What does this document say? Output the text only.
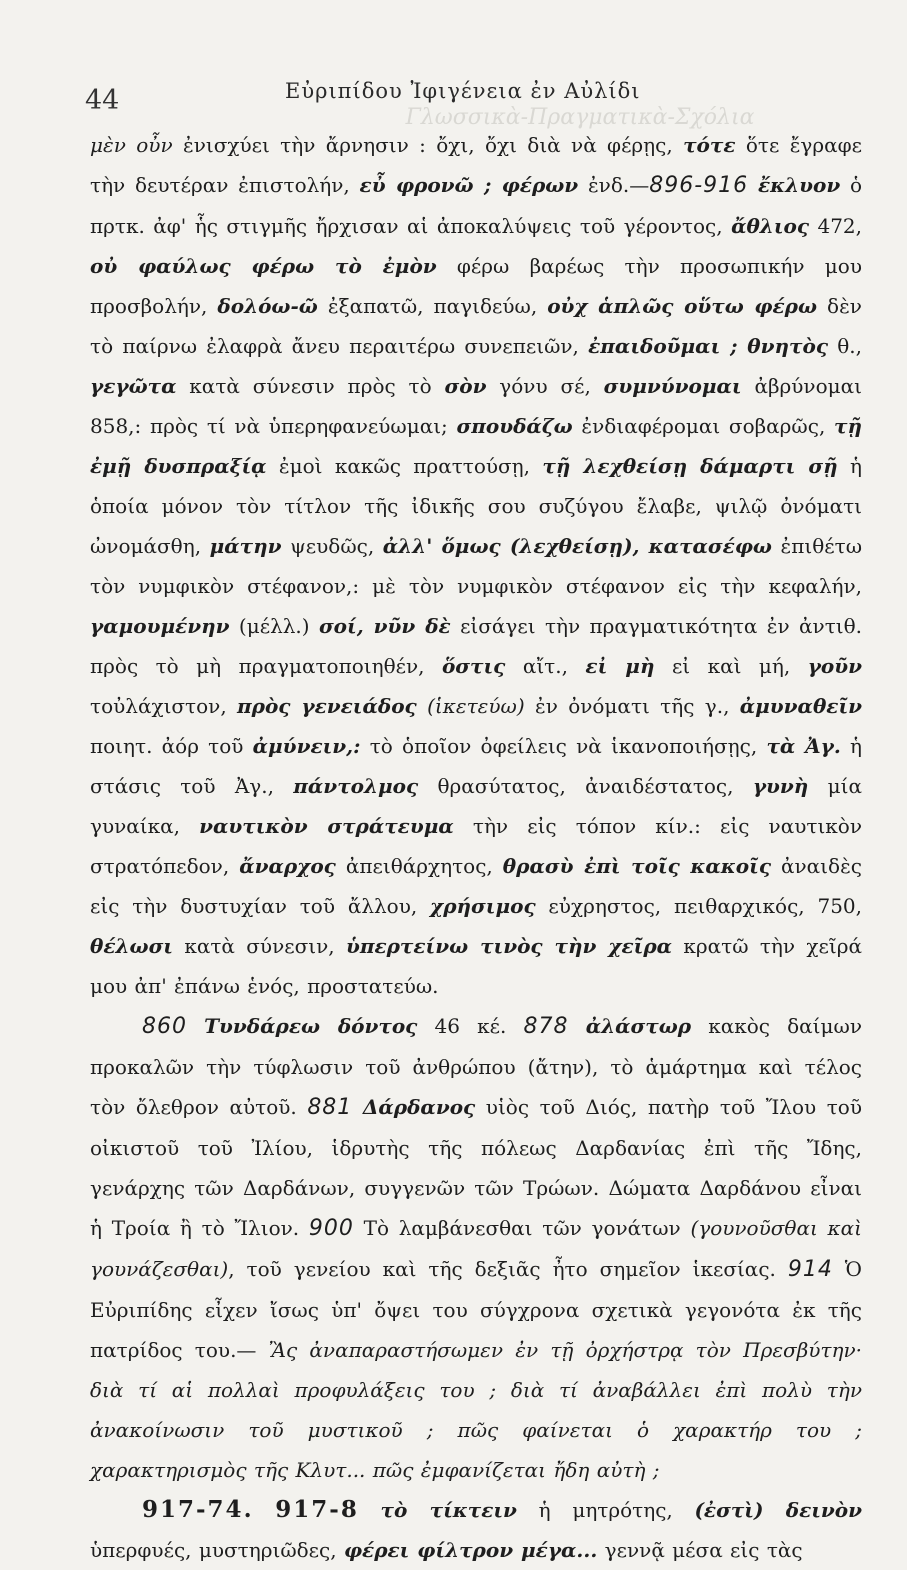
Γλωσσικὰ-Πραγματικὰ-Σχόλια
44	Εὐριπίδου Ἰφιγένεια ἐν Αὐλίδι

μὲν οὖν ἐνισχύει τὴν ἄρνησιν : ὄχι, ὄχι διὰ νὰ φέρῃς, τότε ὅτε ἔγραφε τὴν δευτέραν ἐπιστολήν, εὖ φρονῶ ; φέρων ἐνδ.—896-916 ἔκλυον ὁ πρτκ. ἀφ' ἧς στιγμῆς ἤρχισαν αἱ ἀποκαλύψεις τοῦ γέροντος, ἄθλιος 472, οὐ φαύλως φέρω τὸ ἐμὸν φέρω βαρέως τὴν προσωπικήν μου προσβολήν, δολόω-ῶ ἐξαπατῶ, παγιδεύω, οὐχ ἁπλῶς οὕτω φέρω δὲν τὸ παίρνω ἐλαφρὰ ἄνευ περαιτέρω συνεπειῶν, ἐπαιδοῦμαι ; θνητὸς θ., γεγῶτα κατὰ σύνεσιν πρὸς τὸ σὸν γόνυ σέ, συμνύνομαι ἀβρύνομαι 858,: πρὸς τί νὰ ὑπερηφανεύωμαι; σπουδάζω ἐνδιαφέρομαι σοβαρῶς, τῇ ἐμῇ δυσπραξίᾳ ἐμοὶ κακῶς πραττούσῃ, τῇ λεχθείσῃ δάμαρτι σῇ ἡ ὁποία μόνον τὸν τίτλον τῆς ἰδικῆς σου συζύγου ἔλαβε, ψιλῷ ὀνόματι ὠνομάσθη, μάτην ψευδῶς, ἀλλ' ὅμως (λεχθείσῃ), κατασέφω ἐπιθέτω τὸν νυμφικὸν στέφανον,: μὲ τὸν νυμφικὸν στέφανον εἰς τὴν κεφαλήν, γαμουμένην (μέλλ.) σοί, νῦν δὲ εἰσάγει τὴν πραγματικότητα ἐν ἀντιθ. πρὸς τὸ μὴ πραγματοποιηθέν, ὅστις αἴτ., εἰ μὴ εἰ καὶ μή, γοῦν τοὐλάχιστον, πρὸς γενειάδος (ἱκετεύω) ἐν ὀνόματι τῆς γ., ἀμυναθεῖν ποιητ. ἀόρ τοῦ ἀμύνειν,: τὸ ὁποῖον ὀφείλεις νὰ ἱκανοποιήσῃς, τὰ Ἀγ. ἡ στάσις τοῦ Ἀγ., πάντολμος θρασύτατος, ἀναιδέστατος, γυνὴ μία γυναίκα, ναυτικὸν στράτευμα τὴν εἰς τόπον κίν.: εἰς ναυτικὸν στρατόπεδον, ἄναρχος ἀπειθάρχητος, θρασὺ ἐπὶ τοῖς κακοῖς ἀναιδὲς εἰς τὴν δυστυχίαν τοῦ ἄλλου, χρήσιμος εὐχρηστος, πειθαρχικός, 750, θέλωσι κατὰ σύνεσιν, ὑπερτείνω τινὸς τὴν χεῖρα κρατῶ τὴν χεῖρά μου ἀπ' ἐπάνω ἑνός, προστατεύω.

860 Τυνδάρεω δόντος 46 κέ. 878 ἀλάστωρ κακὸς δαίμων προκαλῶν τὴν τύφλωσιν τοῦ ἀνθρώπου (ἄτην), τὸ ἁμάρτημα καὶ τέλος τὸν ὄλεθρον αὐτοῦ. 881 Δάρδανος υἱὸς τοῦ Διός, πατὴρ τοῦ Ἴλου τοῦ οἰκιστοῦ τοῦ Ἰλίου, ἱδρυτὴς τῆς πόλεως Δαρδανίας ἐπὶ τῆς Ἴδης, γενάρχης τῶν Δαρδάνων, συγγενῶν τῶν Τρώων. Δώματα Δαρδάνου εἶναι ἡ Τροία ἢ τὸ Ἴλιον. 900 Τὸ λαμβάνεσθαι τῶν γονάτων (γουνοῦσθαι καὶ γουνάζεσθαι), τοῦ γενείου καὶ τῆς δεξιᾶς ἦτο σημεῖον ἱκεσίας. 914 Ὁ Εὐριπίδης εἶχεν ἴσως ὑπ' ὄψει του σύγχρονα σχετικὰ γεγονότα ἐκ τῆς πατρίδος του.— Ἂς ἀναπαραστήσωμεν ἐν τῇ ὀρχήστρᾳ τὸν Πρεσβύτην· διὰ τί αἱ πολλαὶ προφυλάξεις του ; διὰ τί ἀναβάλλει ἐπὶ πολὺ τὴν ἀνακοίνωσιν τοῦ μυστικοῦ ; πῶς φαίνεται ὁ χαρακτήρ του ; χαρακτηρισμὸς τῆς Κλυτ... πῶς ἐμφανίζεται ἤδη αὐτὴ ;

917-74. 917-8 τὸ τίκτειν ἡ μητρότης, (ἐστὶ) δεινὸν ὑπερφυές, μυστηριῶδες, φέρει φίλτρον μέγα... γεννᾷ μέσα εἰς τὰς
